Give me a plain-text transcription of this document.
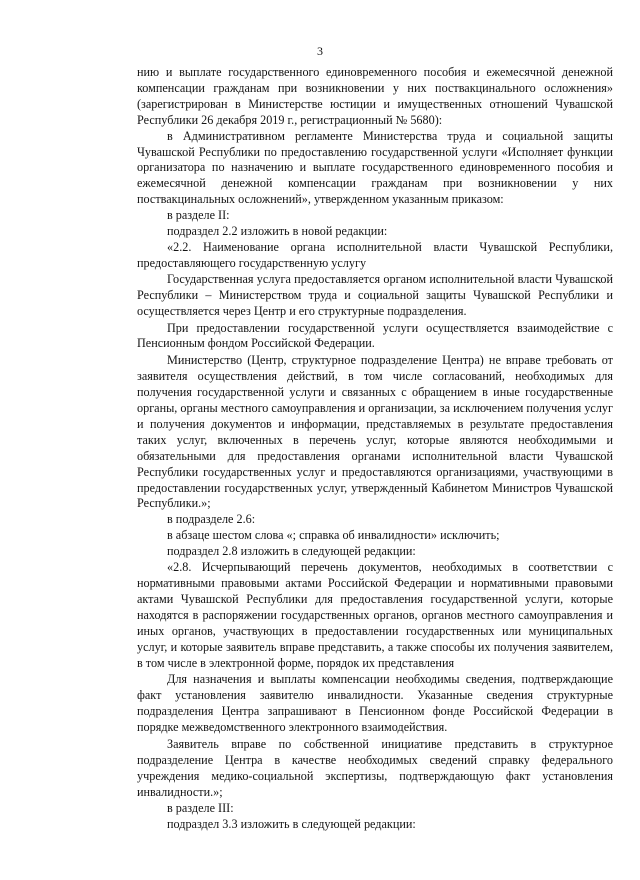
3

нию и выплате государственного единовременного пособия и ежемесячной денежной компенсации гражданам при возникновении у них поствакцинального осложнения» (зарегистрирован в Министерстве юстиции и имущественных отношений Чувашской Республики 26 декабря 2019 г., регистрационный № 5680):

в Административном регламенте Министерства труда и социальной защиты Чувашской Республики по предоставлению государственной услуги «Исполняет функции организатора по назначению и выплате государственного единовременного пособия и ежемесячной денежной компенсации гражданам при возникновении у них поствакцинальных осложнений», утвержденном указанным приказом:

в разделе II:

подраздел 2.2 изложить в новой редакции:

«2.2. Наименование органа исполнительной власти Чувашской Республики, предоставляющего государственную услугу

Государственная услуга предоставляется органом исполнительной власти Чувашской Республики – Министерством труда и социальной защиты Чувашской Республики и осуществляется через Центр и его структурные подразделения.

При предоставлении государственной услуги осуществляется взаимодействие с Пенсионным фондом Российской Федерации.

Министерство (Центр, структурное подразделение Центра) не вправе требовать от заявителя осуществления действий, в том числе согласований, необходимых для получения государственной услуги и связанных с обращением в иные государственные органы, органы местного самоуправления и организации, за исключением получения услуг и получения документов и информации, представляемых в результате предоставления таких услуг, включенных в перечень услуг, которые являются необходимыми и обязательными для предоставления органами исполнительной власти Чувашской Республики государственных услуг и предоставляются организациями, участвующими в предоставлении государственных услуг, утвержденный Кабинетом Министров Чувашской Республики.»;

в подразделе 2.6:

в абзаце шестом слова «; справка об инвалидности» исключить;

подраздел 2.8 изложить в следующей редакции:

«2.8. Исчерпывающий перечень документов, необходимых в соответствии с нормативными правовыми актами Российской Федерации и нормативными правовыми актами Чувашской Республики для предоставления государственной услуги, которые находятся в распоряжении государственных органов, органов местного самоуправления и иных органов, участвующих в предоставлении государственных или муниципальных услуг, и которые заявитель вправе представить, а также способы их получения заявителем, в том числе в электронной форме, порядок их представления

Для назначения и выплаты компенсации необходимы сведения, подтверждающие факт установления заявителю инвалидности. Указанные сведения структурные подразделения Центра запрашивают в Пенсионном фонде Российской Федерации в порядке межведомственного электронного взаимодействия.

Заявитель вправе по собственной инициативе представить в структурное подразделение Центра в качестве необходимых сведений справку федерального учреждения медико-социальной экспертизы, подтверждающую факт установления инвалидности.»;

в разделе III:

подраздел 3.3 изложить в следующей редакции:
